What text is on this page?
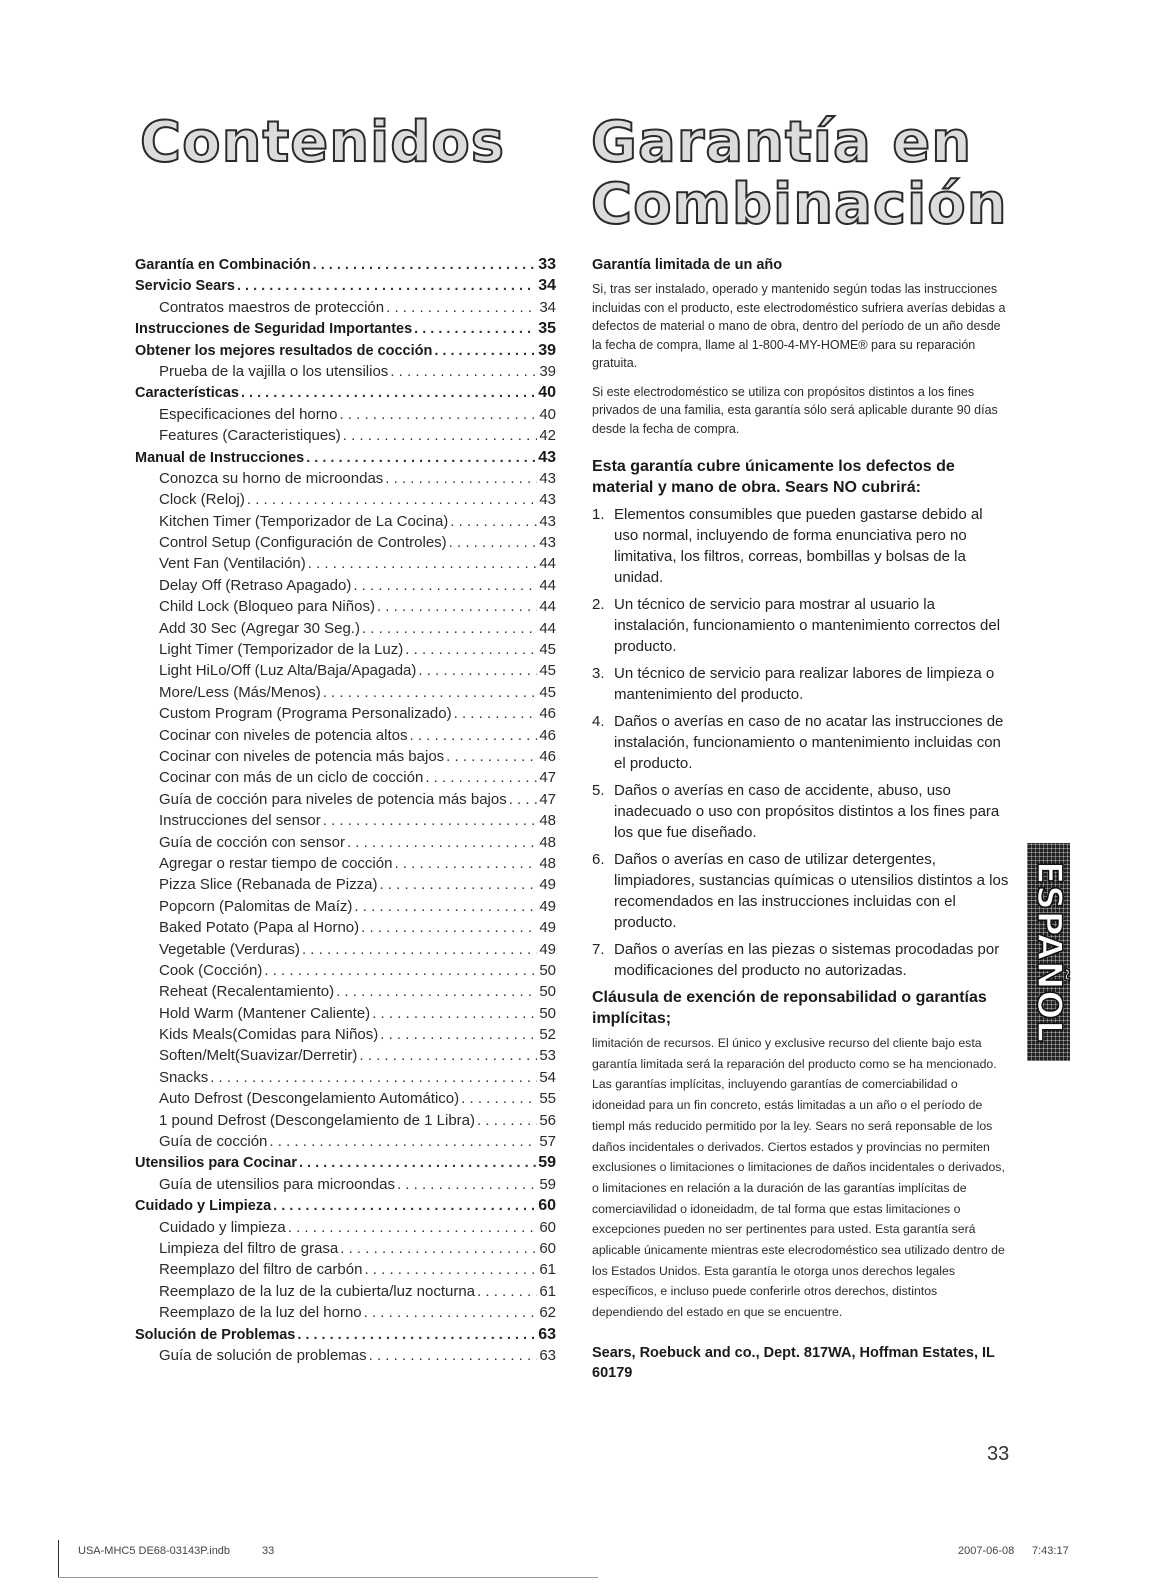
Contenidos Garantía en
Combinación
Garantía en Combinación . . .	33
Servicio Sears . . .	34
Contratos maestros de protección . . .	34
Instrucciones de Seguridad Importantes . . .	35
Obtener los mejores resultados de cocción . . .	39
Prueba de la vajilla o los utensilios . . .	39
Características . . .	40
Especificaciones del horno . . .	40
Features (Caracteristiques) . . .	42
Manual de Instrucciones . . .	43
Conozca su horno de microondas . . .	43
Clock (Reloj) . . .	43
Kitchen Timer (Temporizador de La Cocina) . . .	43
Control Setup (Configuración de Controles) . . .	43
Vent Fan (Ventilación) . . .	44
Delay Off (Retraso Apagado) . . .	44
Child Lock (Bloqueo para Niños) . . .	44
Add 30 Sec (Agregar 30 Seg.) . . .	44
Light Timer (Temporizador de la Luz) . . .	45
Light HiLo/Off (Luz Alta/Baja/Apagada) . . .	45
More/Less (Más/Menos) . . .	45
Custom Program (Programa Personalizado) . . .	46
Cocinar con niveles de potencia altos . . .	46
Cocinar con niveles de potencia más bajos . . .	46
Cocinar con más de un ciclo de cocción . . .	47
Guía de cocción para niveles de potencia más bajos . . . 47
Instrucciones del sensor . . .	48
Guía de cocción con sensor . . .	48
Agregar o restar tiempo de cocción . . .	48
Pizza Slice (Rebanada de Pizza) . . .	49
Popcorn (Palomitas de Maíz) . . .	49
Baked Potato (Papa al Horno) . . .	49
Vegetable (Verduras) . . .	49
Cook (Cocción) . . .	50
Reheat (Recalentamiento) . . .	50
Hold Warm (Mantener Caliente) . . .	50
Kids Meals(Comidas para Niños) . . .	52
Soften/Melt(Suavizar/Derretir) . . .	53
Snacks . . .	54
Auto Defrost (Descongelamiento Automático) . . .	55
1 pound Defrost (Descongelamiento de 1 Libra) . . .	56
Guía de cocción . . .	57
Utensilios para Cocinar . . .	59
Guía de utensilios para microondas . . .	59
Cuidado y Limpieza . . .	60
Cuidado y limpieza . . .	60
Limpieza del filtro de grasa . . .	60
Reemplazo del filtro de carbón . . .	61
Reemplazo de la luz de la cubierta/luz nocturna . . .	61
Reemplazo de la luz del horno . . .	62
Solución de Problemas . . .	63
Guía de solución de problemas . . .	63
Garantía limitada de un año

Si, tras ser instalado, operado y mantenido según todas las instrucciones incluidas con el producto, este electrodoméstico sufriera averías debidas a defectos de material o mano de obra, dentro del período de un año desde la fecha de compra, llame al 1-800-4-MY-HOME® para su reparación gratuita.

Si este electrodoméstico se utiliza con propósitos distintos a los fines privados de una familia, esta garantía sólo será aplicable durante 90 días desde la fecha de compra.

Esta garantía cubre únicamente los defectos de material y mano de obra. Sears NO cubrirá:
1. Elementos consumibles que pueden gastarse debido al uso normal, incluyendo de forma enunciativa pero no limitativa, los filtros, correas, bombillas y bolsas de la unidad.
2. Un técnico de servicio para mostrar al usuario la instalación, funcionamiento o mantenimiento correctos del producto.
3. Un técnico de servicio para realizar labores de limpieza o mantenimiento del producto.
4. Daños o averías en caso de no acatar las instrucciones de instalación, funcionamiento o mantenimiento incluidas con el producto.
5. Daños o averías en caso de accidente, abuso, uso inadecuado o uso con propósitos distintos a los fines para los que fue diseñado.
6. Daños o averías en caso de utilizar detergentes, limpiadores, sustancias químicas o utensilios distintos a los recomendados en las instrucciones incluidas con el producto.
7. Daños o averías en las piezas o sistemas procodadas por modificaciones del producto no autorizadas.
Cláusula de exención de reponsabilidad o garantías implícitas;

limitación de recursos. El único y exclusive recurso del cliente bajo esta garantía limitada será la reparación del producto como se ha mencionado. Las garantías implícitas, incluyendo garantías de comerciabilidad o idoneidad para un fin concreto, estás limitadas a un año o el período de tiempl más reducido permitido por la ley. Sears no será reponsable de los daños incidentales o derivados. Ciertos estados y provincias no permiten exclusiones o limitaciones o limitaciones de daños incidentales o derivados, o limitaciones en relación a la duración de las garantías implícitas de comerciavilidad o idoneidadm, de tal forma que estas limitaciones o excepciones pueden no ser pertinentes para usted. Esta garantía será aplicable únicamente mientras este elecrodoméstico sea utilizado dentro de los Estados Unidos. Esta garantía le otorga unos derechos legales específicos, e incluso puede conferirle otros derechos, distintos dependiendo del estado en que se encuentre.

Sears, Roebuck and co., Dept. 817WA, Hoffman Estates, IL 60179
ESPAÑOL
33
USA-MHC5 DE68-03143P.indb	33	2007-06-08 7:43:17
